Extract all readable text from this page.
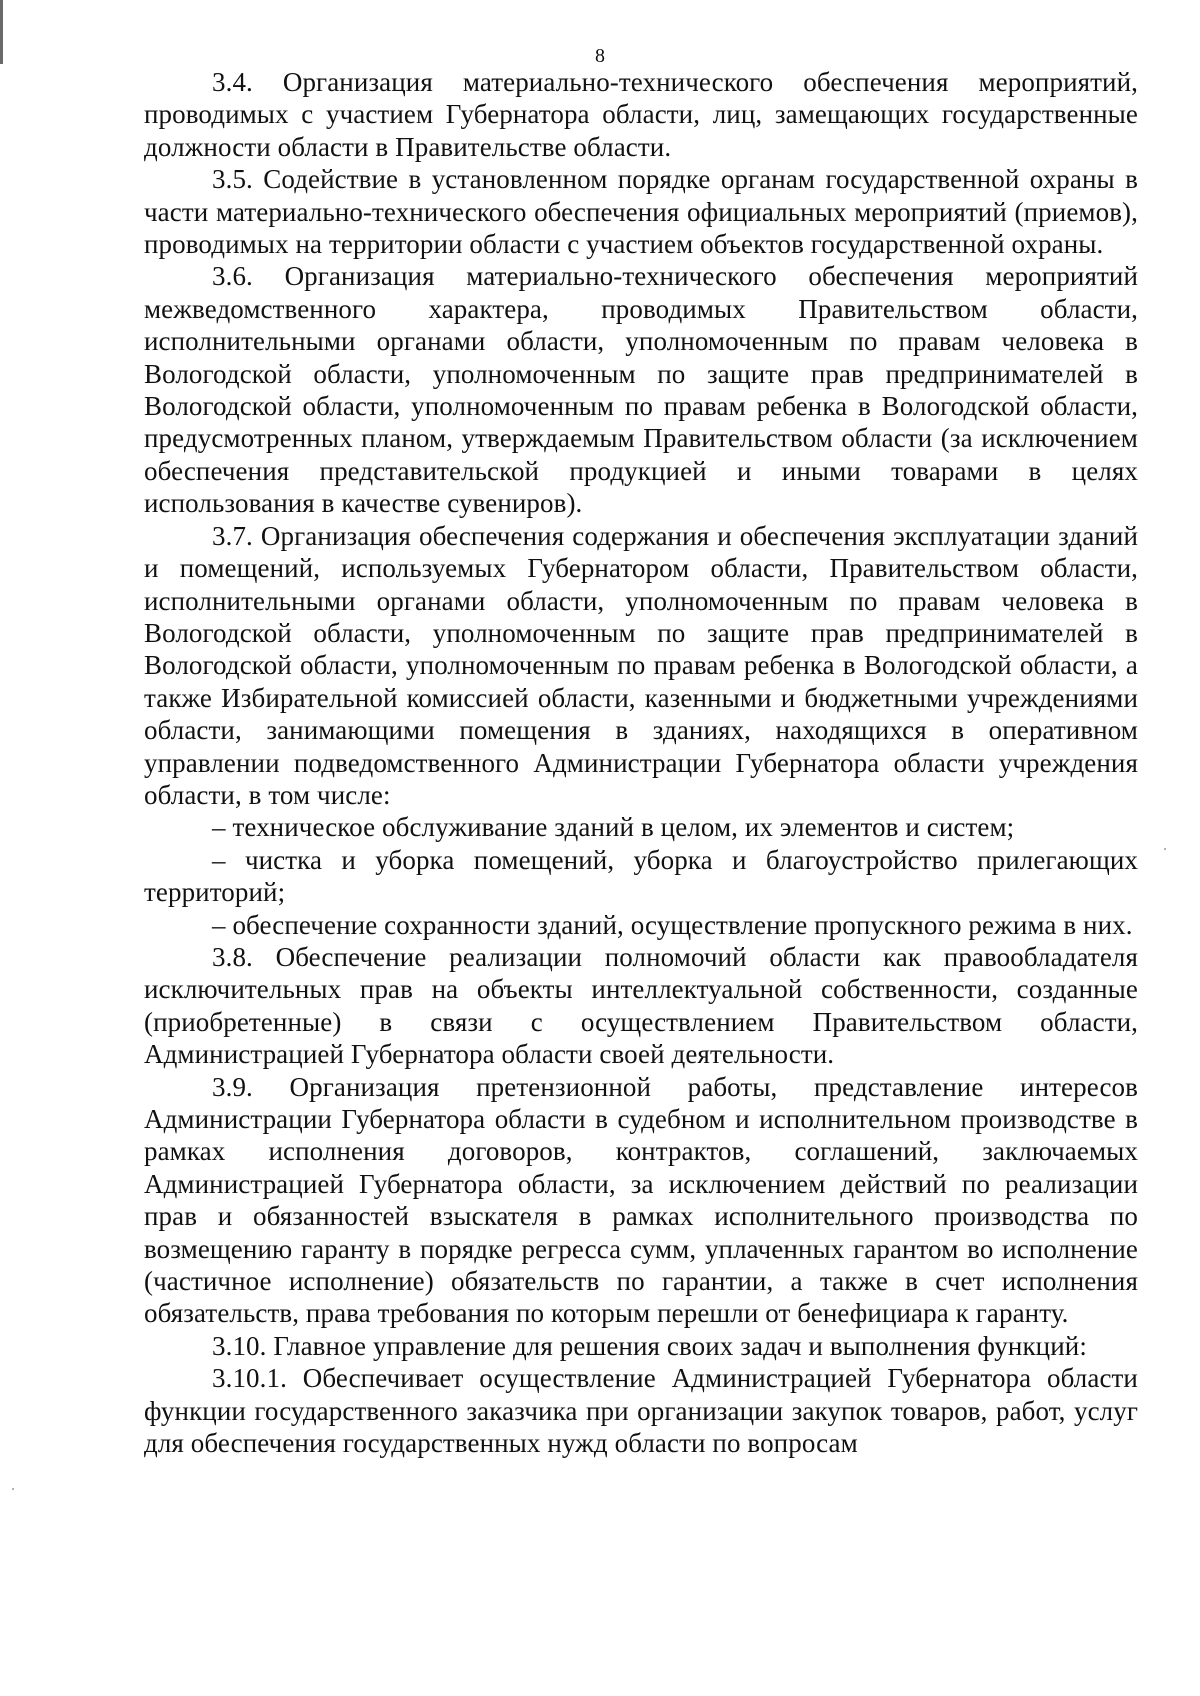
8

3.4. Организация материально-технического обеспечения мероприятий, проводимых с участием Губернатора области, лиц, замещающих государственные должности области в Правительстве области.

3.5. Содействие в установленном порядке органам государственной охраны в части материально-технического обеспечения официальных мероприятий (приемов), проводимых на территории области с участием объектов государственной охраны.

3.6. Организация материально-технического обеспечения мероприятий межведомственного характера, проводимых Правительством области, исполнительными органами области, уполномоченным по правам человека в Вологодской области, уполномоченным по защите прав предпринимателей в Вологодской области, уполномоченным по правам ребенка в Вологодской области, предусмотренных планом, утверждаемым Правительством области (за исключением обеспечения представительской продукцией и иными товарами в целях использования в качестве сувениров).

3.7. Организация обеспечения содержания и обеспечения эксплуатации зданий и помещений, используемых Губернатором области, Правительством области, исполнительными органами области, уполномоченным по правам человека в Вологодской области, уполномоченным по защите прав предпринимателей в Вологодской области, уполномоченным по правам ребенка в Вологодской области, а также Избирательной комиссией области, казенными и бюджетными учреждениями области, занимающими помещения в зданиях, находящихся в оперативном управлении подведомственного Администрации Губернатора области учреждения области, в том числе:

– техническое обслуживание зданий в целом, их элементов и систем;

– чистка и уборка помещений, уборка и благоустройство прилегающих территорий;

– обеспечение сохранности зданий, осуществление пропускного режима в них.

3.8. Обеспечение реализации полномочий области как правообладателя исключительных прав на объекты интеллектуальной собственности, созданные (приобретенные) в связи с осуществлением Правительством области, Администрацией Губернатора области своей деятельности.

3.9. Организация претензионной работы, представление интересов Администрации Губернатора области в судебном и исполнительном производстве в рамках исполнения договоров, контрактов, соглашений, заключаемых Администрацией Губернатора области, за исключением действий по реализации прав и обязанностей взыскателя в рамках исполнительного производства по возмещению гаранту в порядке регресса сумм, уплаченных гарантом во исполнение (частичное исполнение) обязательств по гарантии, а также в счет исполнения обязательств, права требования по которым перешли от бенефициара к гаранту.

3.10. Главное управление для решения своих задач и выполнения функций:

3.10.1. Обеспечивает осуществление Администрацией Губернатора области функции государственного заказчика при организации закупок товаров, работ, услуг для обеспечения государственных нужд области по вопросам
